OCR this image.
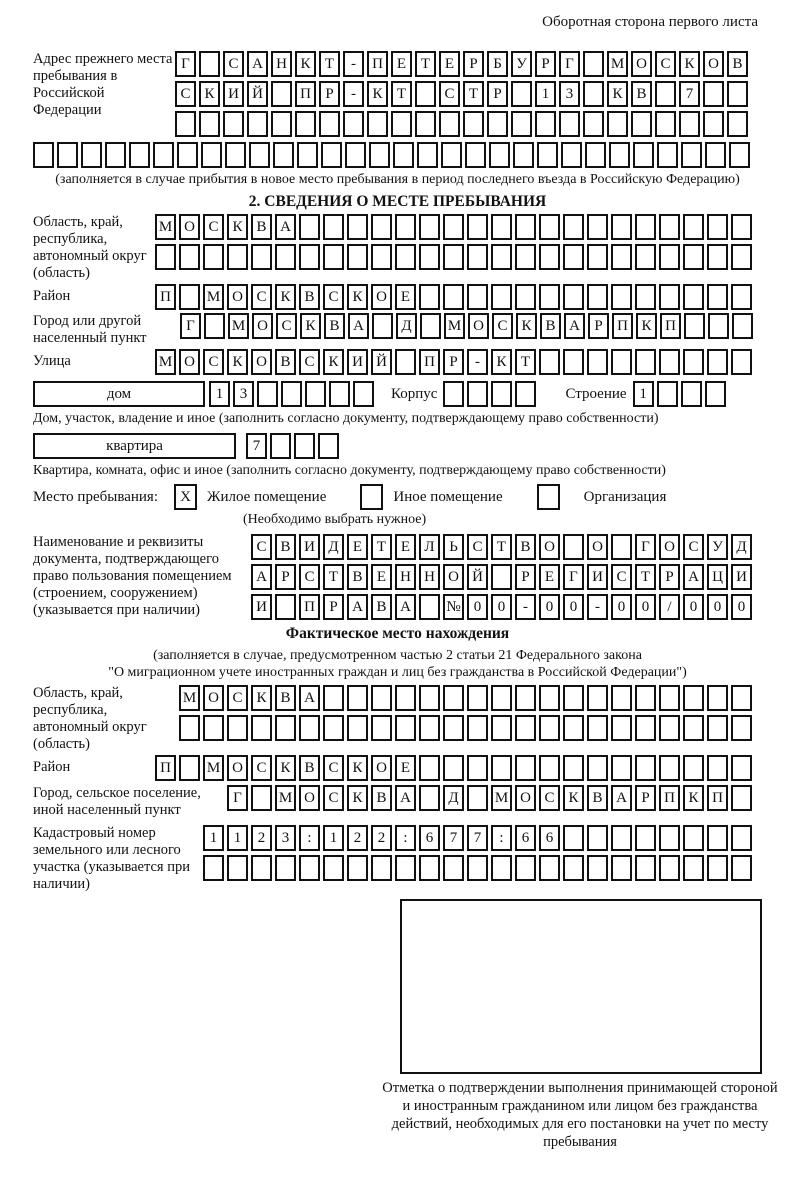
Оборотная сторона первого листа
Адрес прежнего места пребывания в Российской Федерации
Г	С А Н К Т	-	П Е Т Е	Р	Б У Р	Г	М О С К О В
С К И Й	П Р	-	К Т	С Т	Р	1	3	К В	7
(заполняется в случае прибытия в новое место пребывания в период последнего въезда в Российскую Федерацию)
2. СВЕДЕНИЯ О МЕСТЕ ПРЕБЫВАНИЯ
Область, край, республика, автономный округ (область)
М О С К В А
Район	П	М О С К В С К О Е
Город или другой населенный пункт
Г	М О С К В А	Д	М О С К В А Р П К П
Улица	М О С К О В С К И Й	П Р	-	К Т
дом	1	3	Корпус	Строение 1
Дом, участок, владение и иное (заполнить согласно документу, подтверждающему право собственности)
квартира	7
Квартира, комната, офис и иное (заполнить согласно документу, подтверждающему право собственности)
Место пребывания: X Жилое помещение	Иное помещение	Организация
(Необходимо выбрать нужное)
Наименование и реквизиты документа, подтверждающего право пользования помещением (строением, сооружением) (указывается при наличии)
С В И Д Е Т Е Л Ь С Т В О	О	Г О С У Д
А Р С Т В Е Н Н О Й	Р	Е	Г И С Т	Р А Ц И
И	П Р А В А	№ 0	0	-	0	0	-	0	0	/	0	0	0
Фактическое место нахождения
(заполняется в случае, предусмотренном частью 2 статьи 21 Федерального закона
"О миграционном учете иностранных граждан и лиц без гражданства в Российской Федерации")
Область, край, республика, автономный округ (область)
М О С К В А
Район	П	М О С К В С К О Е
Город, сельское поселение, иной населенный пункт
Г	М О С К В А	Д	М О С К В А Р П К П
Кадастровый номер земельного или лесного участка (указывается при наличии)
1	1	2	3	:	1	2	2	:	6	7	7	:	6	6
Отметка о подтверждении выполнения принимающей стороной и иностранным гражданином или лицом без гражданства действий, необходимых для его постановки на учет по месту пребывания
